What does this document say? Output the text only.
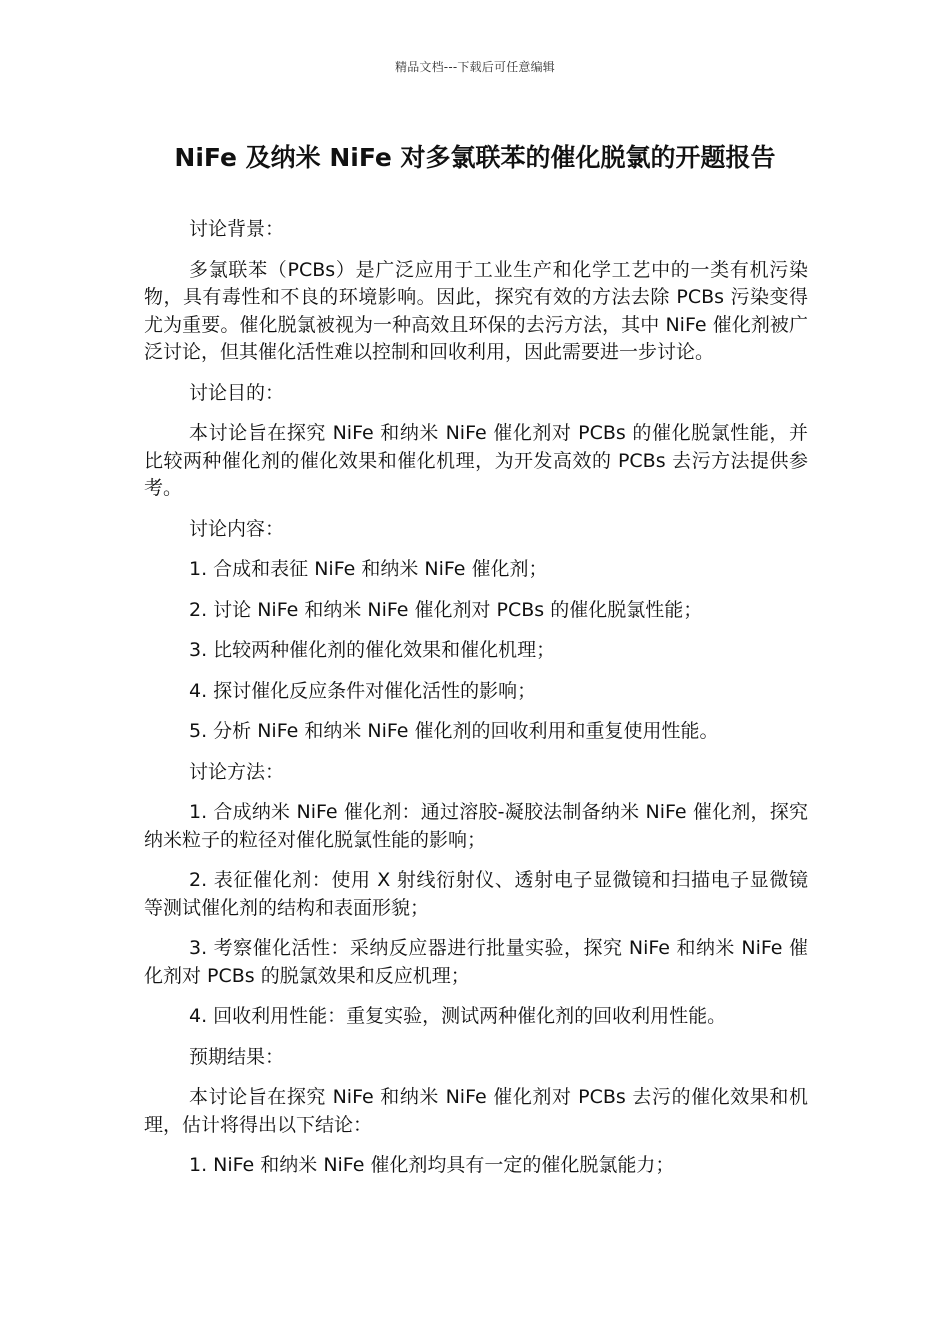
精品文档---下载后可任意编辑
NiFe 及纳米 NiFe 对多氯联苯的催化脱氯的开题报告

讨论背景：

多氯联苯（PCBs）是广泛应用于工业生产和化学工艺中的一类有机污染物，具有毒性和不良的环境影响。因此，探究有效的方法去除 PCBs 污染变得尤为重要。催化脱氯被视为一种高效且环保的去污方法，其中 NiFe 催化剂被广泛讨论，但其催化活性难以控制和回收利用，因此需要进一步讨论。

讨论目的：

本讨论旨在探究 NiFe 和纳米 NiFe 催化剂对 PCBs 的催化脱氯性能，并比较两种催化剂的催化效果和催化机理，为开发高效的 PCBs 去污方法提供参考。

讨论内容：

1. 合成和表征 NiFe 和纳米 NiFe 催化剂；

2. 讨论 NiFe 和纳米 NiFe 催化剂对 PCBs 的催化脱氯性能；

3. 比较两种催化剂的催化效果和催化机理；

4. 探讨催化反应条件对催化活性的影响；

5. 分析 NiFe 和纳米 NiFe 催化剂的回收利用和重复使用性能。

讨论方法：

1. 合成纳米 NiFe 催化剂：通过溶胶-凝胶法制备纳米 NiFe 催化剂，探究纳米粒子的粒径对催化脱氯性能的影响；

2. 表征催化剂：使用 X 射线衍射仪、透射电子显微镜和扫描电子显微镜等测试催化剂的结构和表面形貌；

3. 考察催化活性：采纳反应器进行批量实验，探究 NiFe 和纳米 NiFe 催化剂对 PCBs 的脱氯效果和反应机理；

4. 回收利用性能：重复实验，测试两种催化剂的回收利用性能。

预期结果：

本讨论旨在探究 NiFe 和纳米 NiFe 催化剂对 PCBs 去污的催化效果和机理，估计将得出以下结论：

1. NiFe 和纳米 NiFe 催化剂均具有一定的催化脱氯能力；
